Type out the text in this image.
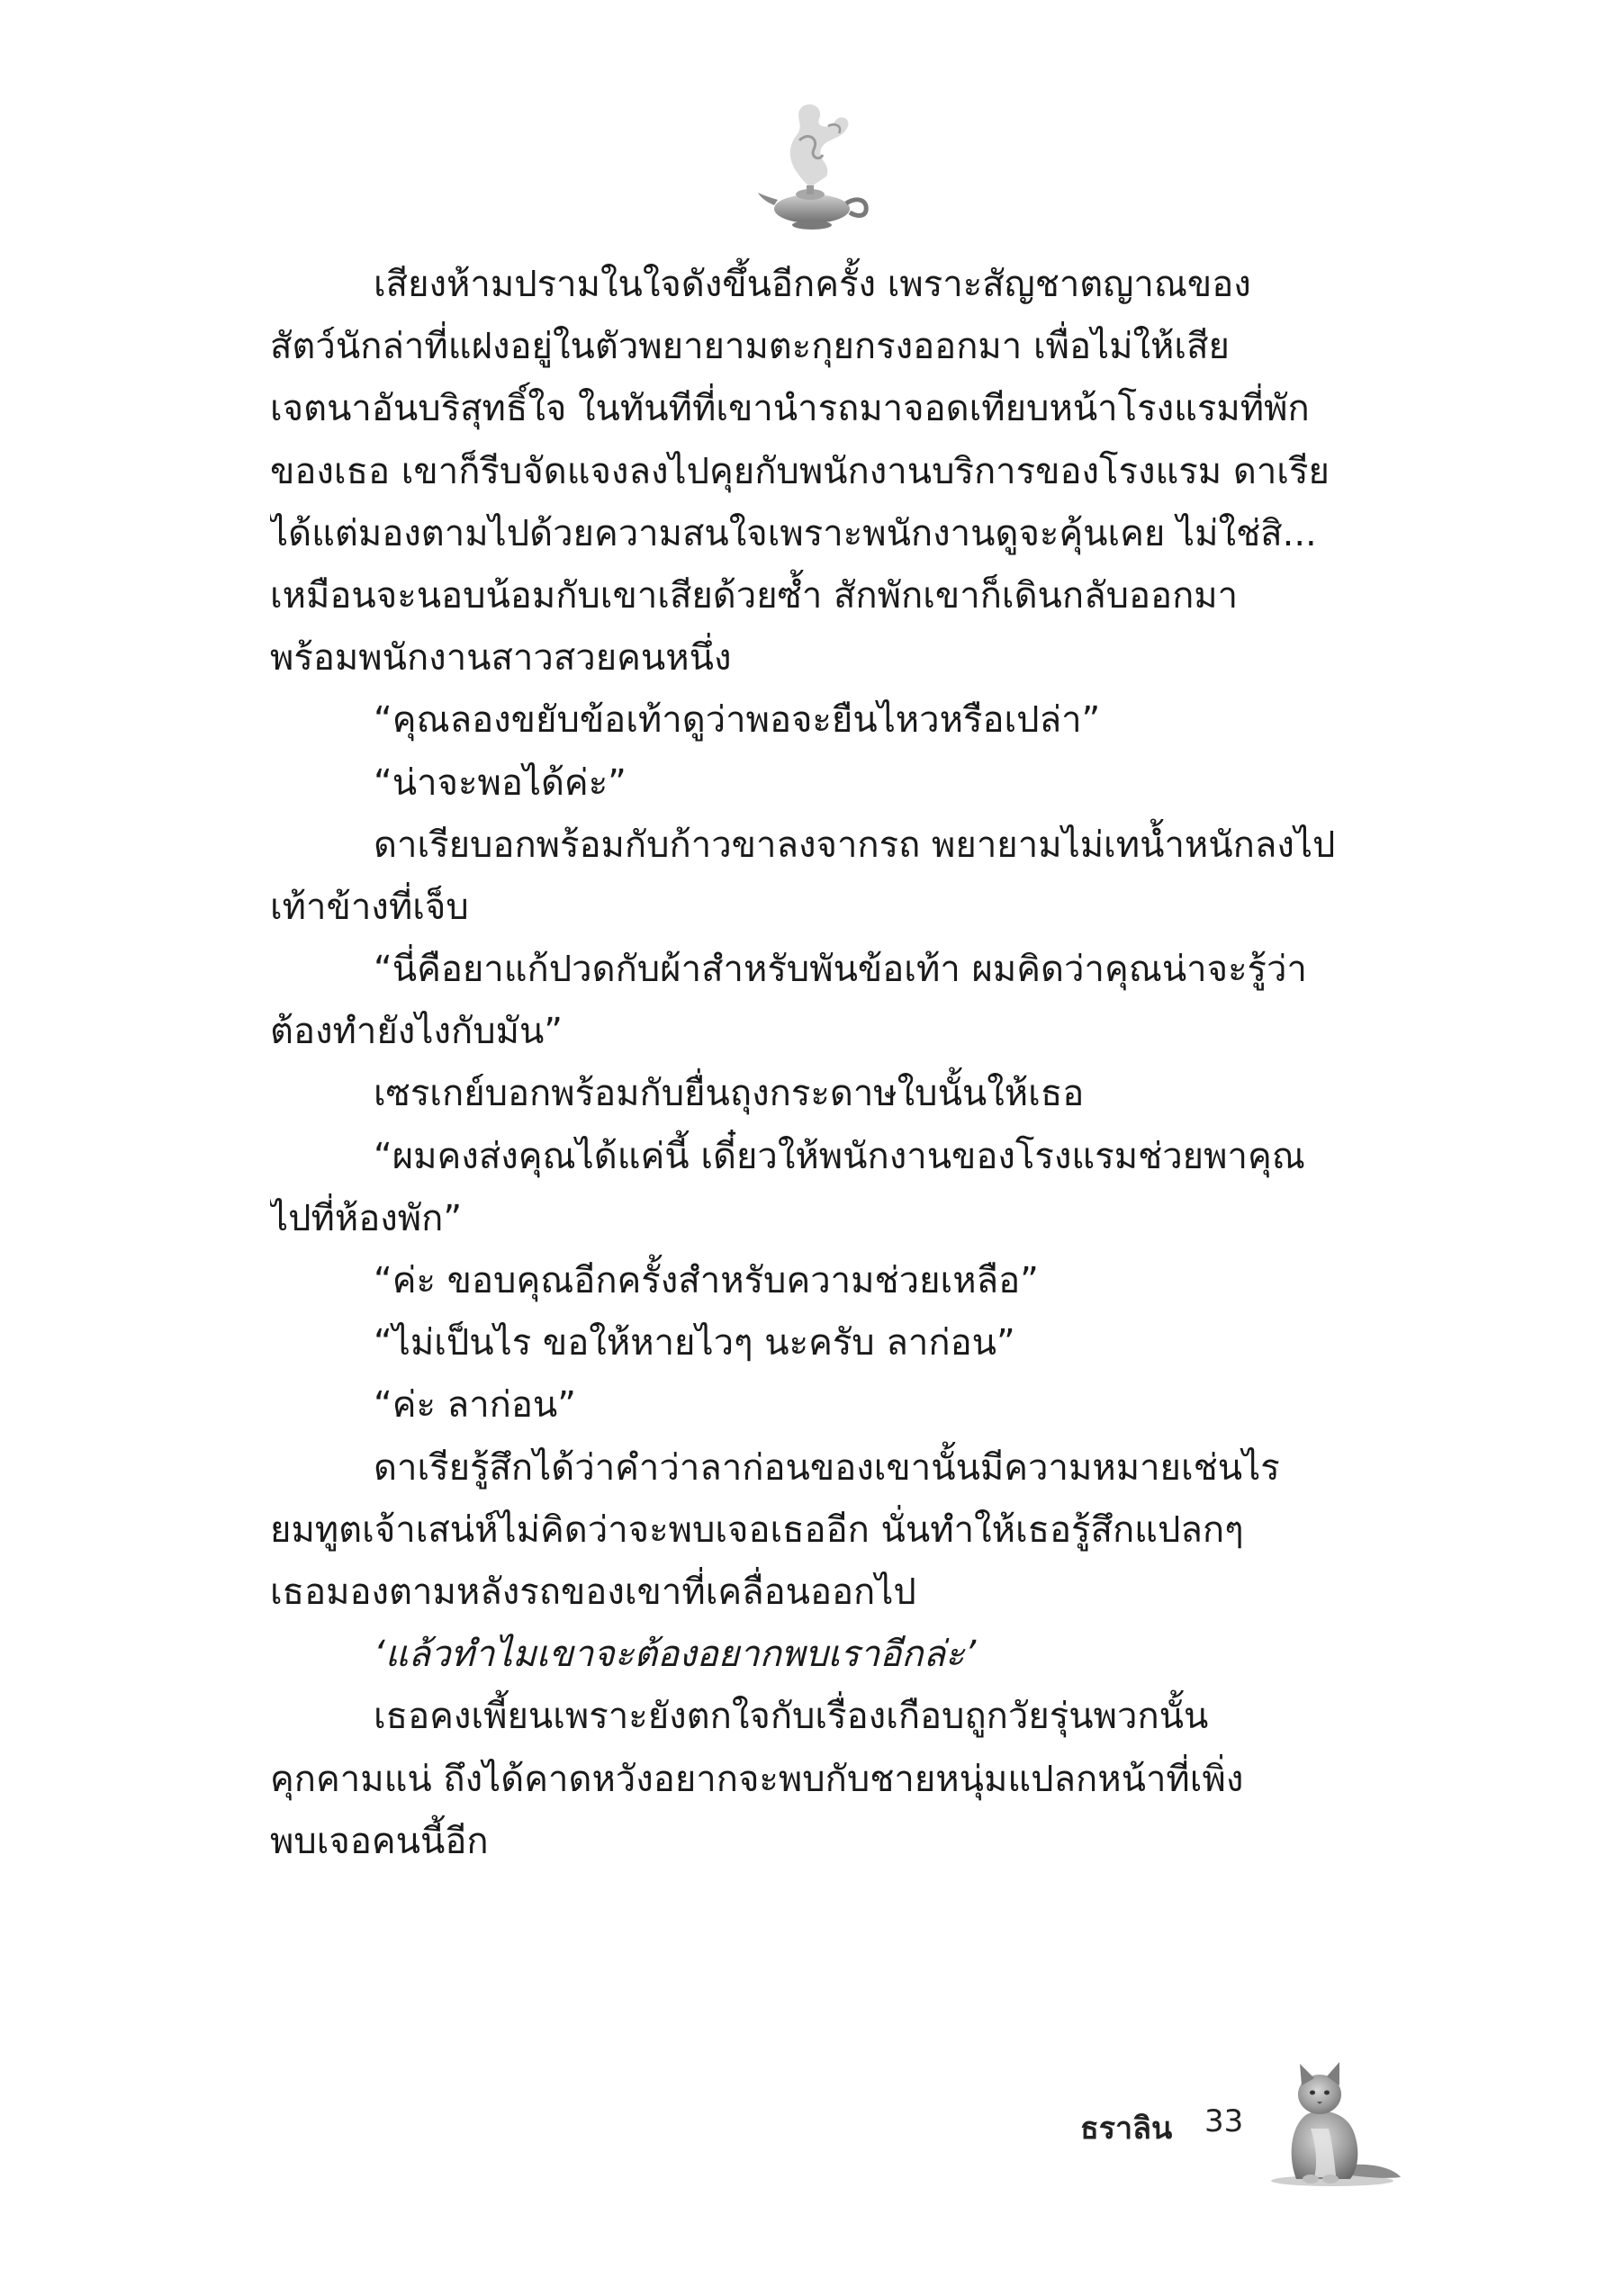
เสียงห้ามปรามในใจดังขึ้นอีกครั้ง เพราะสัญชาตญาณของ
สัตว์นักล่าที่แฝงอยู่ในตัวพยายามตะกุยกรงออกมา เพื่อไม่ให้เสีย
เจตนาอันบริสุทธิ์ใจ ในทันทีที่เขานำรถมาจอดเทียบหน้าโรงแรมที่พัก
ของเธอ เขาก็รีบจัดแจงลงไปคุยกับพนักงานบริการของโรงแรม ดาเรีย
ได้แต่มองตามไปด้วยความสนใจเพราะพนักงานดูจะคุ้นเคย ไม่ใช่สิ...
เหมือนจะนอบน้อมกับเขาเสียด้วยซ้ำ สักพักเขาก็เดินกลับออกมา
พร้อมพนักงานสาวสวยคนหนึ่ง
“คุณลองขยับข้อเท้าดูว่าพอจะยืนไหวหรือเปล่า”
“น่าจะพอได้ค่ะ”
ดาเรียบอกพร้อมกับก้าวขาลงจากรถ พยายามไม่เทน้ำหนักลงไป
เท้าข้างที่เจ็บ
“นี่คือยาแก้ปวดกับผ้าสำหรับพันข้อเท้า ผมคิดว่าคุณน่าจะรู้ว่า
ต้องทำยังไงกับมัน”
เซรเกย์บอกพร้อมกับยื่นถุงกระดาษใบนั้นให้เธอ
“ผมคงส่งคุณได้แค่นี้ เดี๋ยวให้พนักงานของโรงแรมช่วยพาคุณ
ไปที่ห้องพัก”
“ค่ะ ขอบคุณอีกครั้งสำหรับความช่วยเหลือ”
“ไม่เป็นไร ขอให้หายไวๆ นะครับ ลาก่อน”
“ค่ะ ลาก่อน”
ดาเรียรู้สึกได้ว่าคำว่าลาก่อนของเขานั้นมีความหมายเช่นไร
ยมทูตเจ้าเสน่ห์ไม่คิดว่าจะพบเจอเธออีก นั่นทำให้เธอรู้สึกแปลกๆ
เธอมองตามหลังรถของเขาที่เคลื่อนออกไป
‘แล้วทำไมเขาจะต้องอยากพบเราอีกล่ะ’
เธอคงเพี้ยนเพราะยังตกใจกับเรื่องเกือบถูกวัยรุ่นพวกนั้น
คุกคามแน่ ถึงได้คาดหวังอยากจะพบกับชายหนุ่มแปลกหน้าที่เพิ่ง
พบเจอคนนี้อีก
ธราลิน 33
